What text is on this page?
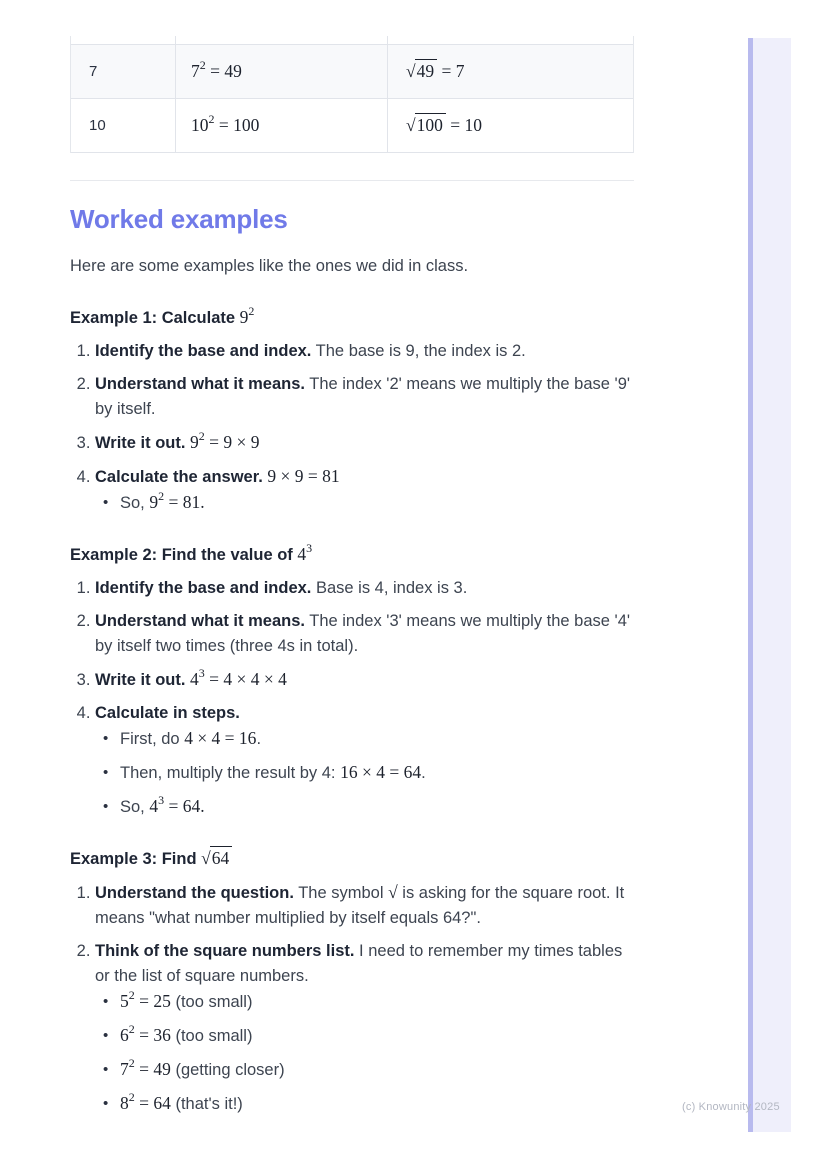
7	$7^2 = 49$	√49 = 7
10	$10^2 = 100$	√100 = 10
Worked examples

Here are some examples like the ones we did in class.

Example 1: Calculate $9^2$
1. Identify the base and index. The base is 9, the index is 2.
2. Understand what it means. The index '2' means we multiply the base '9' by itself.
3. Write it out. $9^2 = 9 \times 9$
4. Calculate the answer. 9 × 9 = 81
• So, $9^2 = 81$.
Example 2: Find the value of $4^3$
1. Identify the base and index. Base is 4, index is 3.
2. Understand what it means. The index '3' means we multiply the base '4' by itself two times (three 4s in total).
3. Write it out. $4^3 = 4 \times 4 \times 4$
4. Calculate in steps.
• First, do 4 × 4 = 16.
• Then, multiply the result by 4: 16 × 4 = 64.
• So, $4^3 = 64$.
Example 3: Find √64
1. Understand the question. The symbol √ is asking for the square root. It means "what number multiplied by itself equals 64?".
2. Think of the square numbers list. I need to remember my times tables or the list of square numbers.
• $5^2 = 25$ (too small)
• $6^2 = 36$ (too small)
• $7^2 = 49$ (getting closer)
• $8^2 = 64$ (that's it!)	(c) Knowunity 2025
